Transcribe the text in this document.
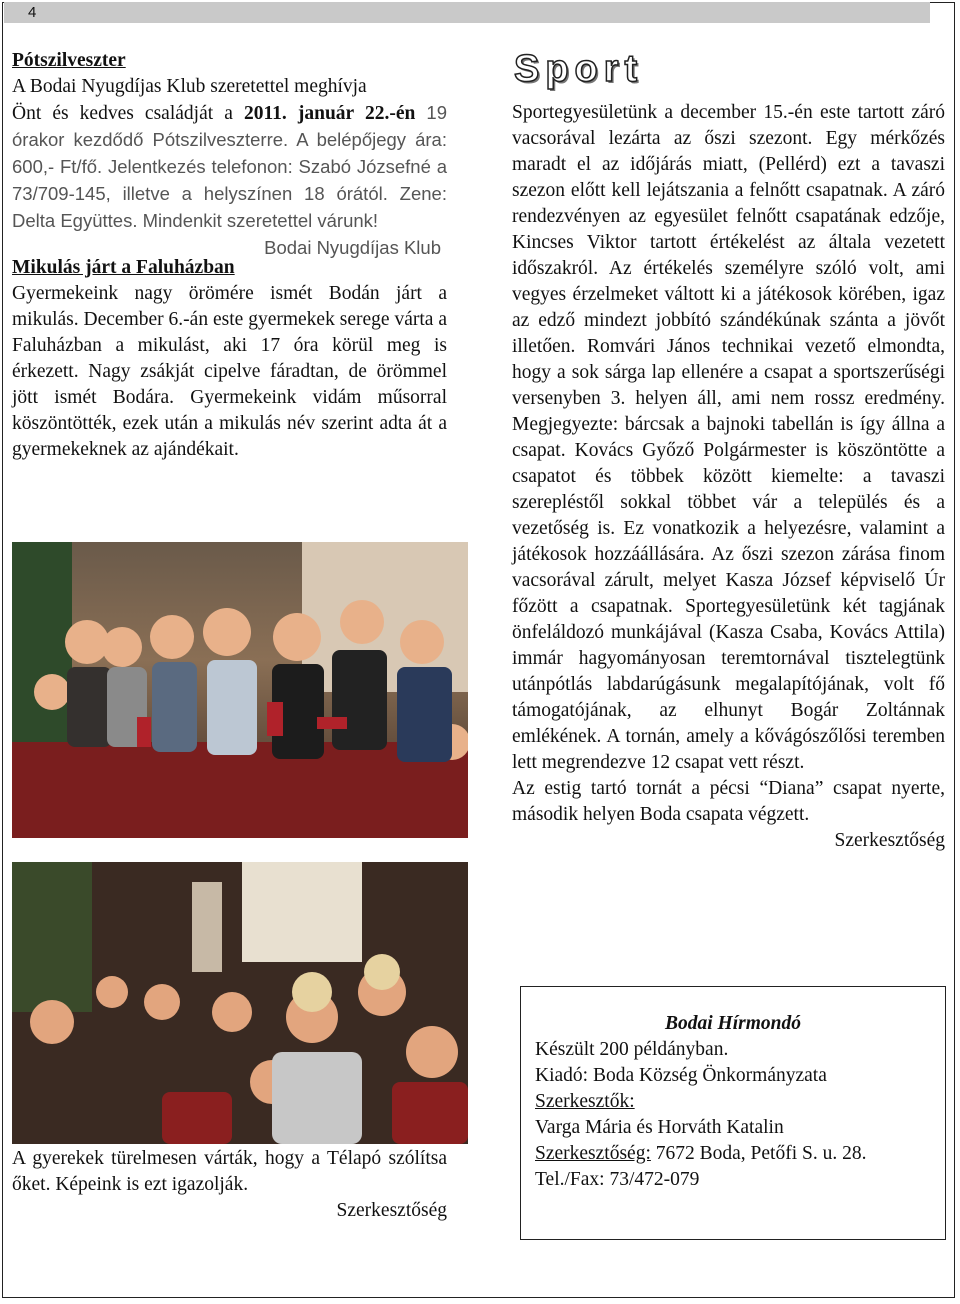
4
Pótszilveszter

A Bodai Nyugdíjas Klub szeretettel meghívja

Önt és kedves családját a 2011. január 22.-én 19 órakor kezdődő Pótszilveszterre. A belépőjegy ára: 600,- Ft/fő. Jelentkezés telefonon: Szabó Józsefné a 73/709-145, illetve a helyszínen 18 órától. Zene: Delta Együttes. Mindenkit szeretettel várunk!
Bodai Nyugdíjas Klub

Mikulás járt a Faluházban

Gyermekeink nagy örömére ismét Bodán járt a mikulás. December 6.-án este gyermekek serege várta a Faluházban a mikulást, aki 17 óra körül meg is érkezett. Nagy zsákját cipelve fáradtan, de örömmel jött ismét Bodára. Gyermekeink vidám műsorral köszöntötték, ezek után a mikulás név szerint adta át a gyermekeknek az ajándékait.

A gyerekek türelmesen várták, hogy a Télapó szólítsa őket. Képeink is ezt igazolják.

Szerkesztőség

Sport

Sportegyesületünk a december 15.-én este tartott záró vacsorával lezárta az őszi szezont. Egy mérkőzés maradt el az időjárás miatt, (Pellérd) ezt a tavaszi szezon előtt kell lejátszania a felnőtt csapatnak. A záró rendezvényen az egyesület felnőtt csapatának edzője, Kincses Viktor tartott értékelést az általa vezetett időszakról. Az értékelés személyre szóló volt, ami vegyes érzelmeket váltott ki a játékosok körében, igaz az edző mindezt jobbító szándékúnak szánta a jövőt illetően. Romvári János technikai vezető elmondta, hogy a sok sárga lap ellenére a csapat a sportszerűségi versenyben 3. helyen áll, ami nem rossz eredmény. Megjegyezte: bárcsak a bajnoki tabellán is így állna a csapat. Kovács Győző Polgármester is köszöntötte a csapatot és többek között kiemelte: a tavaszi szerepléstől sokkal többet vár a település és a vezetőség is. Ez vonatkozik a helyezésre, valamint a játékosok hozzáállására. Az őszi szezon zárása finom vacsorával zárult, melyet Kasza József képviselő Úr főzött a csapatnak. Sportegyesületünk két tagjának önfeláldozó munkájával (Kasza Csaba, Kovács Attila) immár hagyományosan teremtornával tisztelegtünk utánpótlás labdarúgásunk megalapítójának, volt fő támogatójának, az elhunyt Bogár Zoltánnak emlékének. A tornán, amely a kővágószőlősi teremben lett megrendezve 12 csapat vett részt.

Az estig tartó tornát a pécsi “Diana” csapat nyerte, második helyen Boda csapata végzett.

Szerkesztőség

Bodai Hírmondó

Készült 200 példányban.

Kiadó: Boda Község Önkormányzata

Szerkesztők:

Varga Mária és Horváth Katalin

Szerkesztőség: 7672 Boda, Petőfi S. u. 28.

Tel./Fax: 73/472-079
